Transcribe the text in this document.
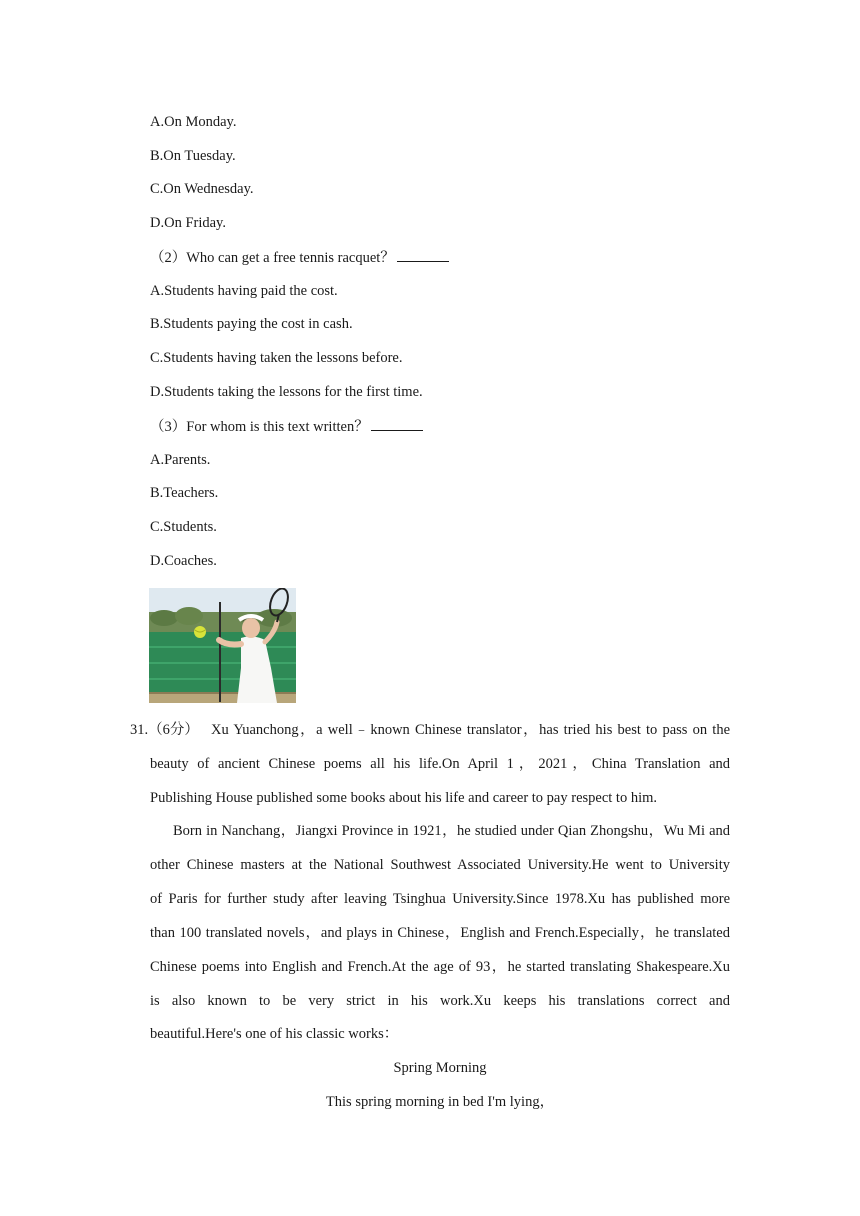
A.On Monday.
B.On Tuesday.
C.On Wednesday.
D.On Friday.
（2）Who can get a free tennis racquet？
A.Students having paid the cost.
B.Students paying the cost in cash.
C.Students having taken the lessons before.
D.Students taking the lessons for the first time.
（3）For whom is this text written？
A.Parents.
B.Teachers.
C.Students.
D.Coaches.
31.（6分） Xu Yuanchong，a well﹣known Chinese translator，has tried his best to pass on the
beauty of ancient Chinese poems all his life.On April 1，2021，China Translation and
Publishing House published some books about his life and career to pay respect to him.
Born in Nanchang，Jiangxi Province in 1921，he studied under Qian Zhongshu，Wu Mi and
other Chinese masters at the National Southwest Associated University.He went to University
of Paris for further study after leaving Tsinghua University.Since 1978.Xu has published more
than 100 translated novels，and plays in Chinese，English and French.Especially，he translated
Chinese poems into English and French.At the age of 93，he started translating Shakespeare.Xu
is also known to be very strict in his work.Xu keeps his translations correct and
beautiful.Here's one of his classic works：
Spring Morning
This spring morning in bed I'm lying，
